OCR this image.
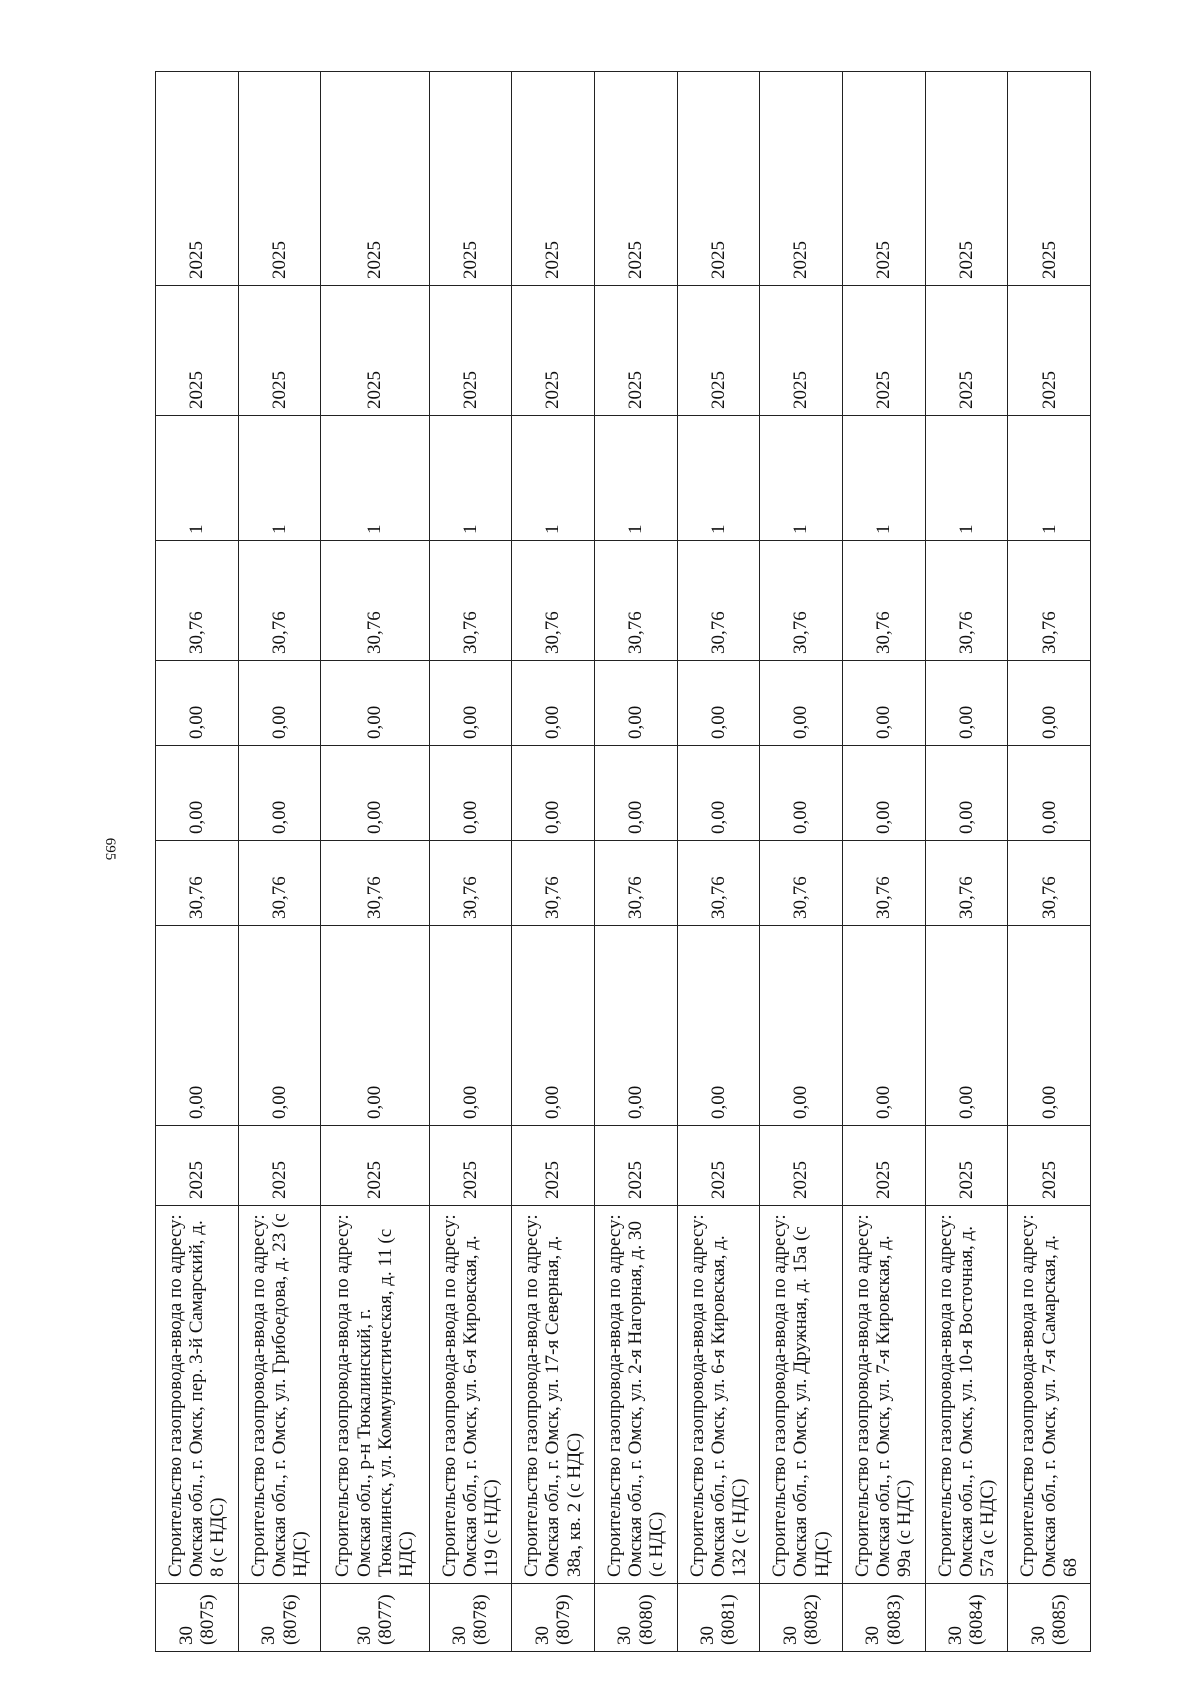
695
30
(8075)	Строительство газопровода-ввода по адресу: Омская обл., г. Омск, пер. 3-й Самарский, д. 8 (с НДС)	2025	0,00	30,76	0,00	0,00	30,76	1	2025	2025
30
(8076)	Строительство газопровода-ввода по адресу: Омская обл., г. Омск, ул. Грибоедова, д. 23 (с НДС)	2025	0,00	30,76	0,00	0,00	30,76	1	2025	2025
30
(8077)	Строительство газопровода-ввода по адресу: Омская обл., р-н Тюкалинский, г. Тюкалинск, ул. Коммунистическая, д. 11 (с НДС)	2025	0,00	30,76	0,00	0,00	30,76	1	2025	2025
30
(8078)	Строительство газопровода-ввода по адресу: Омская обл., г. Омск, ул. 6-я Кировская, д. 119 (с НДС)	2025	0,00	30,76	0,00	0,00	30,76	1	2025	2025
30
(8079)	Строительство газопровода-ввода по адресу: Омская обл., г. Омск, ул. 17-я Северная, д. 38а, кв. 2 (с НДС)	2025	0,00	30,76	0,00	0,00	30,76	1	2025	2025
30
(8080)	Строительство газопровода-ввода по адресу: Омская обл., г. Омск, ул. 2-я Нагорная, д. 30 (с НДС)	2025	0,00	30,76	0,00	0,00	30,76	1	2025	2025
30
(8081)	Строительство газопровода-ввода по адресу: Омская обл., г. Омск, ул. 6-я Кировская, д. 132 (с НДС)	2025	0,00	30,76	0,00	0,00	30,76	1	2025	2025
30
(8082)	Строительство газопровода-ввода по адресу: Омская обл., г. Омск, ул. Дружная, д. 15а (с НДС)	2025	0,00	30,76	0,00	0,00	30,76	1	2025	2025
30
(8083)	Строительство газопровода-ввода по адресу: Омская обл., г. Омск, ул. 7-я Кировская, д. 99а (с НДС)	2025	0,00	30,76	0,00	0,00	30,76	1	2025	2025
30
(8084)	Строительство газопровода-ввода по адресу: Омская обл., г. Омск, ул. 10-я Восточная, д. 57а (с НДС)	2025	0,00	30,76	0,00	0,00	30,76	1	2025	2025
30
(8085)	Строительство газопровода-ввода по адресу: Омская обл., г. Омск, ул. 7-я Самарская, д. 68	2025	0,00	30,76	0,00	0,00	30,76	1	2025	2025
